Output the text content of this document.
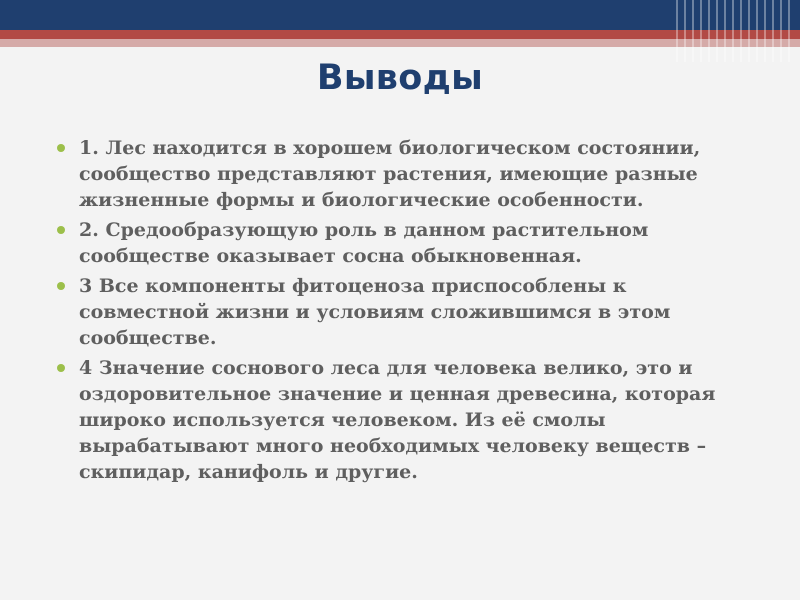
Выводы
1. Лес находится в хорошем биологическом состоянии, сообщество представляют растения, имеющие разные жизненные формы и биологические особенности.
2. Средообразующую роль в данном растительном сообществе оказывает сосна обыкновенная.
3 Все компоненты фитоценоза приспособлены к совместной жизни и условиям сложившимся в этом сообществе.
4 Значение соснового леса для человека велико, это и оздоровительное значение и ценная древесина, которая широко используется человеком. Из её смолы вырабатывают много необходимых человеку веществ – скипидар, канифоль и другие.
